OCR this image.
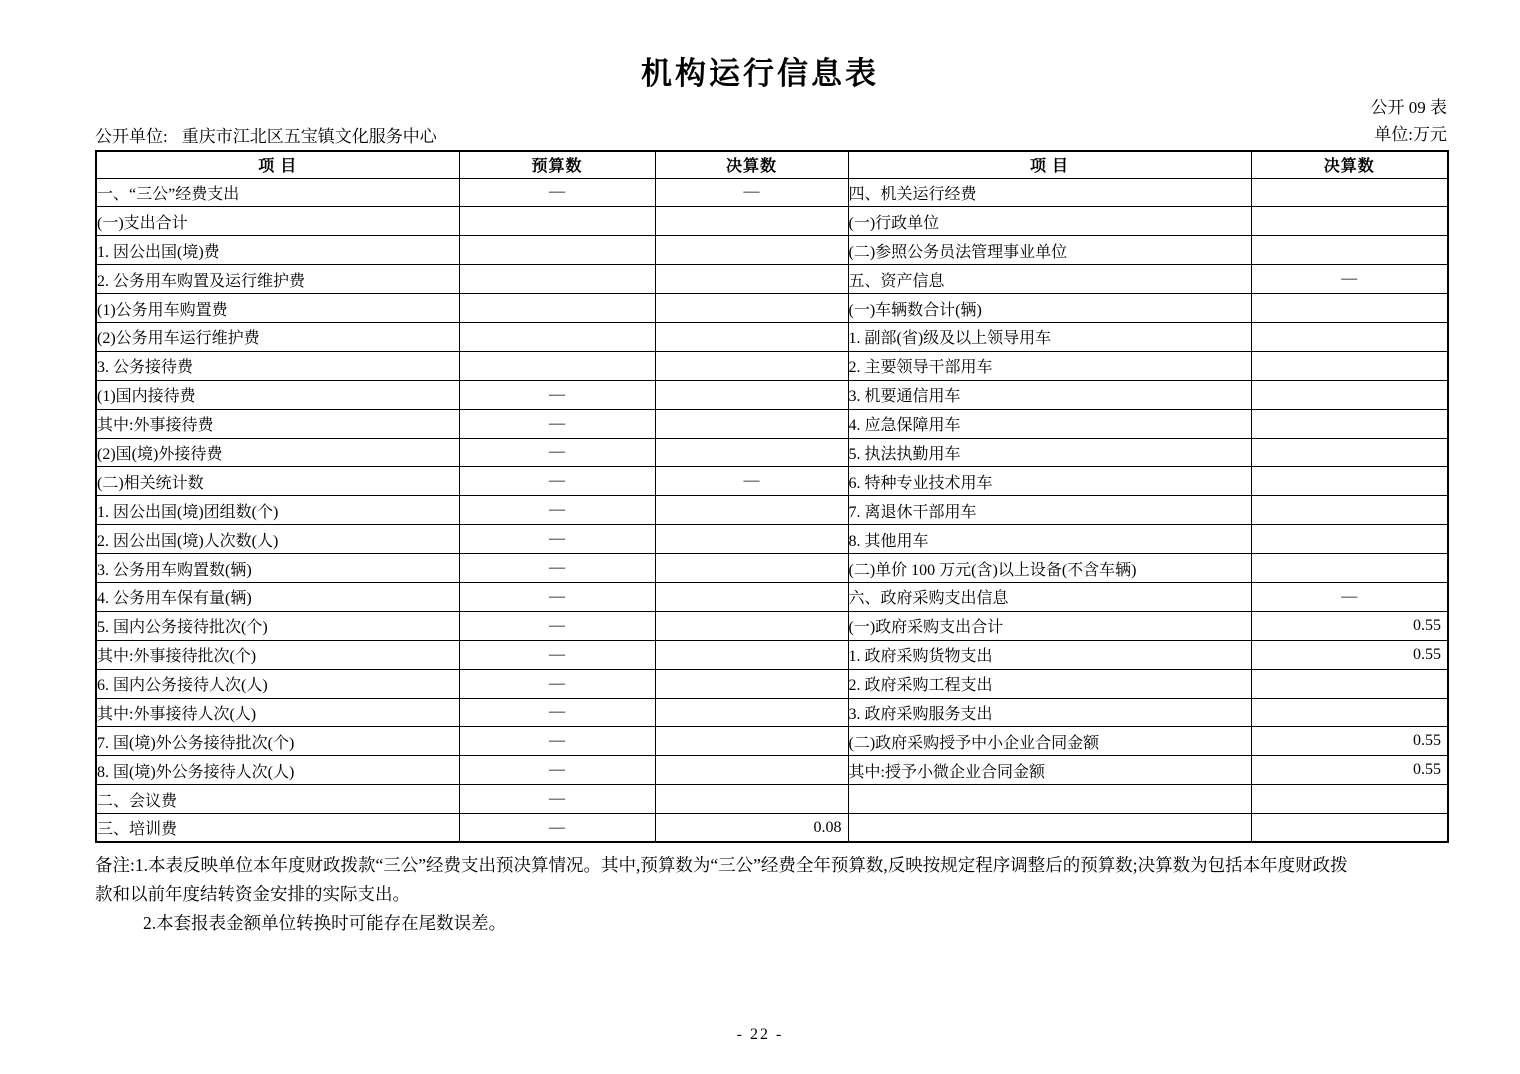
机构运行信息表
公开 09 表
公开单位: 重庆市江北区五宝镇文化服务中心	单位:万元
项 目	预算数	决算数	项 目	决算数
一、“三公”经费支出	—	—	四、机关运行经费	
(一)支出合计			(一)行政单位	
1. 因公出国(境)费			(二)参照公务员法管理事业单位	
2. 公务用车购置及运行维护费			五、资产信息	—
(1)公务用车购置费			(一)车辆数合计(辆)	
(2)公务用车运行维护费			1. 副部(省)级及以上领导用车	
3. 公务接待费			2. 主要领导干部用车	
(1)国内接待费	—		3. 机要通信用车	
其中:外事接待费	—		4. 应急保障用车	
(2)国(境)外接待费	—		5. 执法执勤用车	
(二)相关统计数	—	—	6. 特种专业技术用车	
1. 因公出国(境)团组数(个)	—		7. 离退休干部用车	
2. 因公出国(境)人次数(人)	—		8. 其他用车	
3. 公务用车购置数(辆)	—		(二)单价 100 万元(含)以上设备(不含车辆)	
4. 公务用车保有量(辆)	—		六、政府采购支出信息	—
5. 国内公务接待批次(个)	—		(一)政府采购支出合计	0.55
其中:外事接待批次(个)	—		1. 政府采购货物支出	0.55
6. 国内公务接待人次(人)	—		2. 政府采购工程支出	
其中:外事接待人次(人)	—		3. 政府采购服务支出	
7. 国(境)外公务接待批次(个)	—		(二)政府采购授予中小企业合同金额	0.55
8. 国(境)外公务接待人次(人)	—		其中:授予小微企业合同金额	0.55
二、会议费	—			
三、培训费	—	0.08		
备注:1.本表反映单位本年度财政拨款“三公”经费支出预决算情况。其中,预算数为“三公”经费全年预算数,反映按规定程序调整后的预算数;决算数为包括本年度财政拨
款和以前年度结转资金安排的实际支出。
2.本套报表金额单位转换时可能存在尾数误差。
- 22 -
